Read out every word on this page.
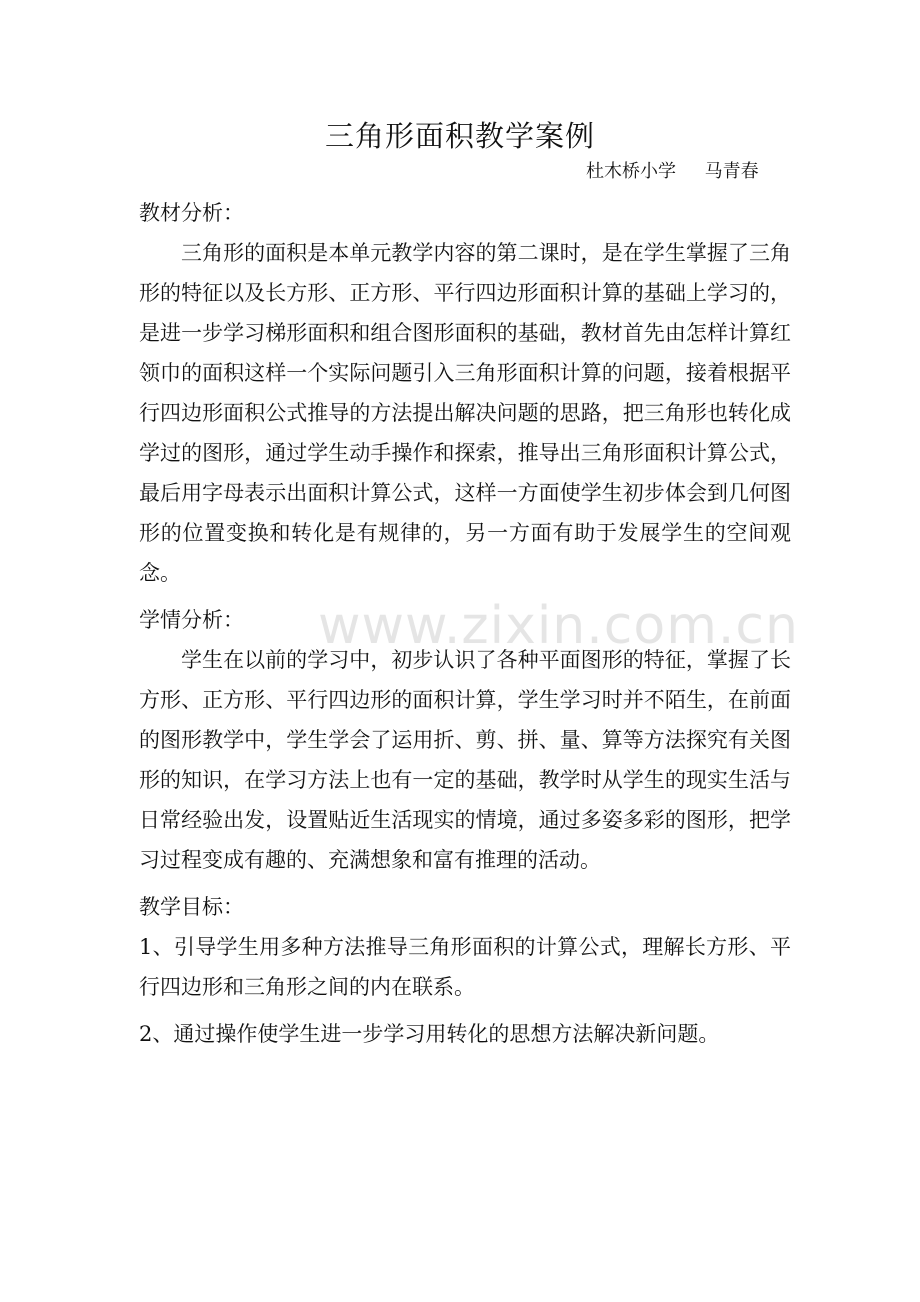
三角形面积教学案例
杜木桥小学     马青春
教材分析：
三角形的面积是本单元教学内容的第二课时，是在学生掌握了三角形的特征以及长方形、正方形、平行四边形面积计算的基础上学习的，是进一步学习梯形面积和组合图形面积的基础，教材首先由怎样计算红领巾的面积这样一个实际问题引入三角形面积计算的问题，接着根据平行四边形面积公式推导的方法提出解决问题的思路，把三角形也转化成学过的图形，通过学生动手操作和探索，推导出三角形面积计算公式，最后用字母表示出面积计算公式，这样一方面使学生初步体会到几何图形的位置变换和转化是有规律的，另一方面有助于发展学生的空间观念。
学情分析：
学生在以前的学习中，初步认识了各种平面图形的特征，掌握了长方形、正方形、平行四边形的面积计算，学生学习时并不陌生，在前面的图形教学中，学生学会了运用折、剪、拼、量、算等方法探究有关图形的知识，在学习方法上也有一定的基础，教学时从学生的现实生活与日常经验出发，设置贴近生活现实的情境，通过多姿多彩的图形，把学习过程变成有趣的、充满想象和富有推理的活动。
教学目标：
1、引导学生用多种方法推导三角形面积的计算公式，理解长方形、平行四边形和三角形之间的内在联系。
2、通过操作使学生进一步学习用转化的思想方法解决新问题。
www.zixin.com.cn
